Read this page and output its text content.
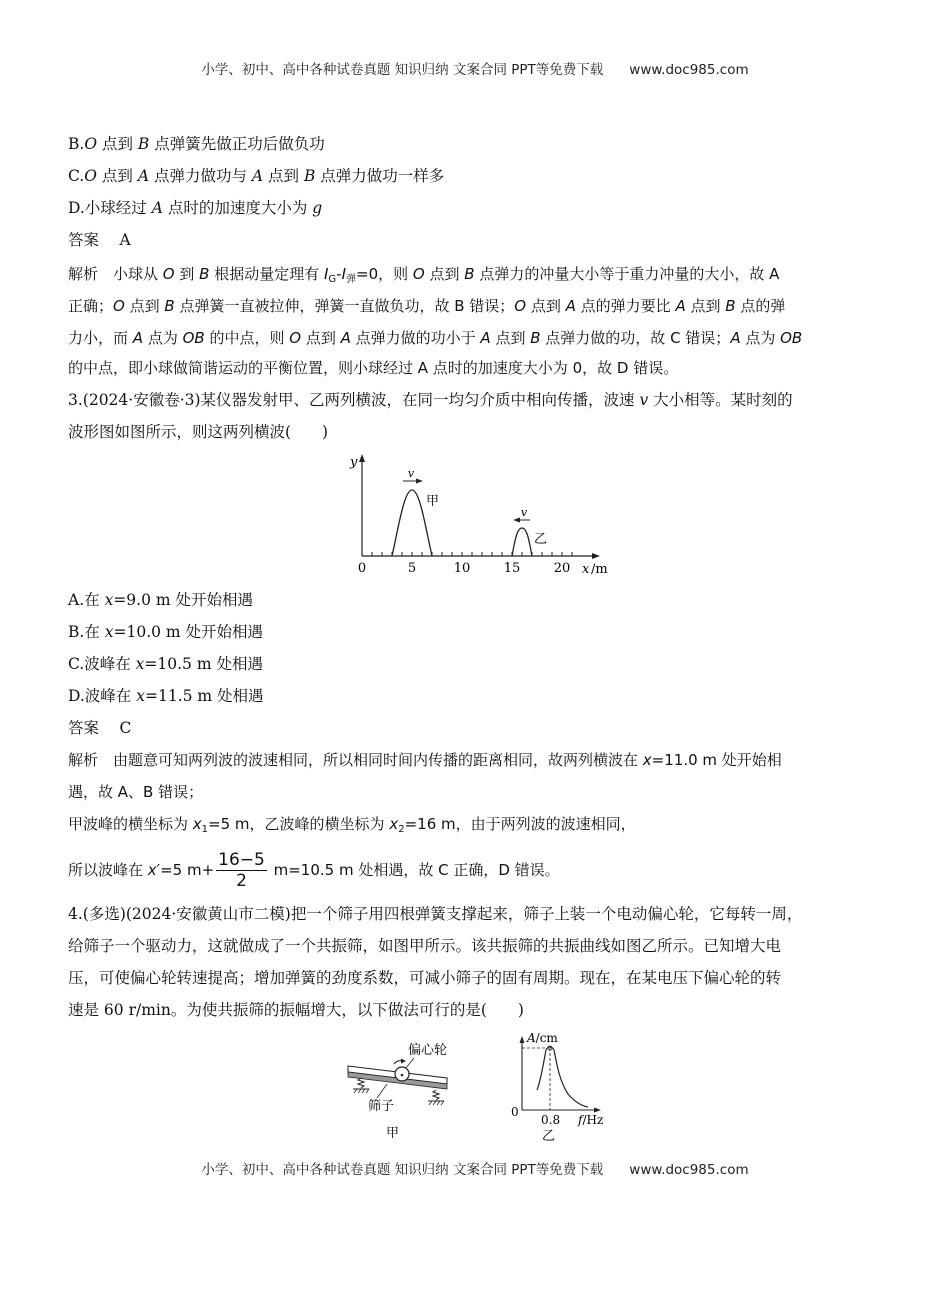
小学、初中、高中各种试卷真题 知识归纳 文案合同 PPT等免费下载 www.doc985.com
B.O 点到 B 点弹簧先做正功后做负功
C.O 点到 A 点弹力做功与 A 点到 B 点弹力做功一样多
D.小球经过 A 点时的加速度大小为 g
答案　 A
解析　小球从 O 到 B 根据动量定理有 $I_G-I_弹=0$，则 O 点到 B 点弹力的冲量大小等于重力冲量的大小，故 A
正确；O 点到 B 点弹簧一直被拉伸，弹簧一直做负功，故 B 错误；O 点到 A 点的弹力要比 A 点到 B 点的弹
力小，而 A 点为 OB 的中点，则 O 点到 A 点弹力做的功小于 A 点到 B 点弹力做的功，故 C 错误；A 点为 OB
的中点，即小球做简谐运动的平衡位置，则小球经过 A 点时的加速度大小为 0，故 D 错误。
3.(2024·安徽卷·3)某仪器发射甲、乙两列横波，在同一均匀介质中相向传播，波速 v 大小相等。某时刻的
波形图如图所示，则这两列横波(　　)
y
0	5	10	15	20 x /m
v
甲
v
乙
A.在 x=9.0 m 处开始相遇
B.在 x=10.0 m 处开始相遇
C.波峰在 x=10.5 m 处相遇
D.波峰在 x=11.5 m 处相遇
答案　 C
解析　由题意可知两列波的波速相同，所以相同时间内传播的距离相同，故两列横波在 x=11.0 m 处开始相
遇，故 A、B 错误；
甲波峰的横坐标为 $x_1=5$ m，乙波峰的横坐标为 $x_2=16$ m，由于两列波的波速相同，
所以波峰在 x′=5 $m+ \frac{16-5}{2} m=10.5$ m 处相遇，故 C 正确，D 错误。
4.(多选)(2024·安徽黄山市二模)把一个筛子用四根弹簧支撑起来，筛子上装一个电动偏心轮，它每转一周，
给筛子一个驱动力，这就做成了一个共振筛，如图甲所示。该共振筛的共振曲线如图乙所示。已知增大电
压，可使偏心轮转速提高；增加弹簧的劲度系数，可减小筛子的固有周期。现在，在某电压下偏心轮的转
速是 60 r/min。为使共振筛的振幅增大，以下做法可行的是(　　)
偏心轮
筛子
甲
A/cm
0
0.8 f/Hz
乙
小学、初中、高中各种试卷真题 知识归纳 文案合同 PPT等免费下载 www.doc985.com
